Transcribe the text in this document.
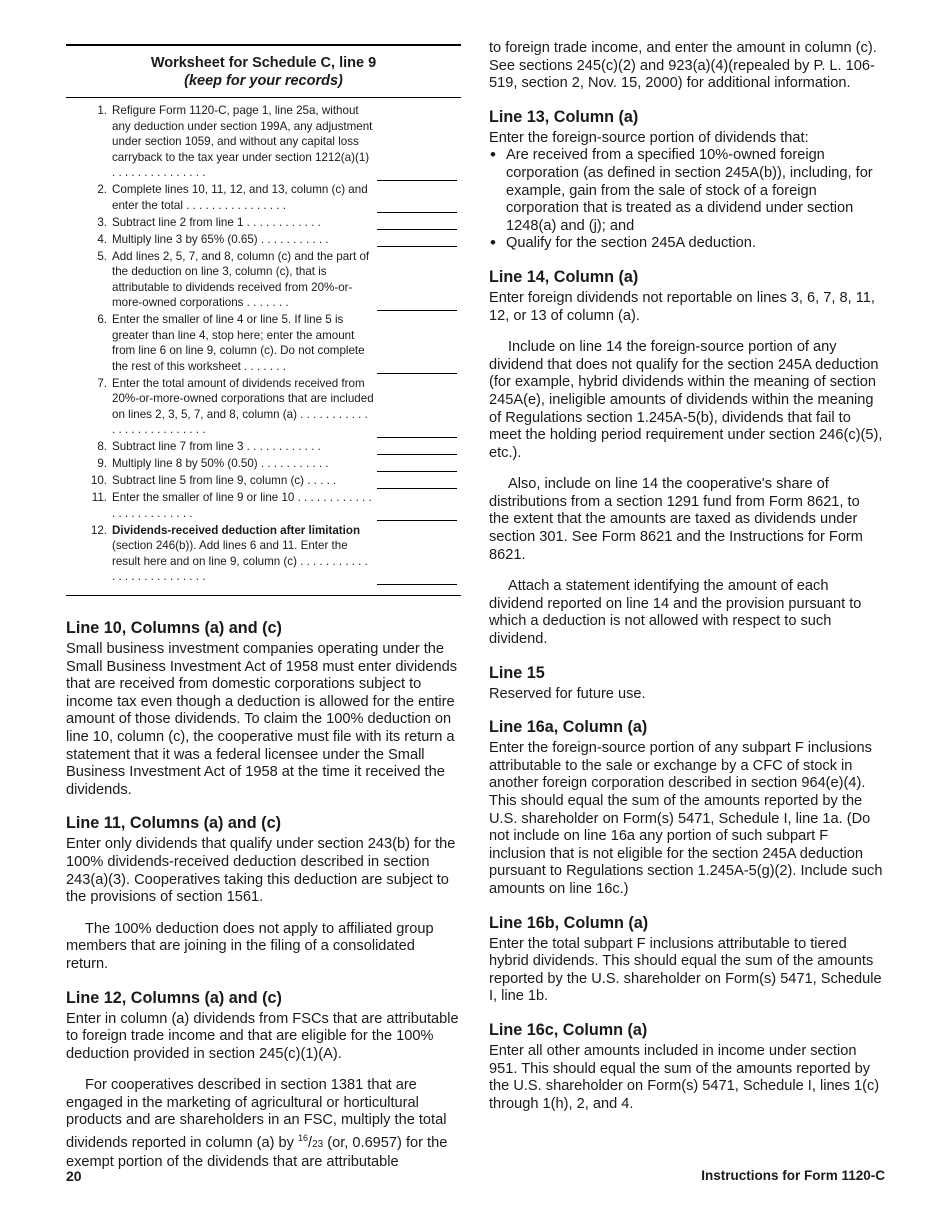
Worksheet for Schedule C, line 9
(keep for your records)
1. Refigure Form 1120-C, page 1, line 25a, without any deduction under section 199A, any adjustment under section 1059, and without any capital loss carryback to the tax year under section 1212(a)(1) . . . . . . . . . . . . . . .
2. Complete lines 10, 11, 12, and 13, column (c) and enter the total . . . . . . . . . . . . . . . .
3. Subtract line 2 from line 1 . . . . . . . . . . . .
4. Multiply line 3 by 65% (0.65) . . . . . . . . . . .
5. Add lines 2, 5, 7, and 8, column (c) and the part of the deduction on line 3, column (c), that is attributable to dividends received from 20%-or-more-owned corporations . . . . . . .
6. Enter the smaller of line 4 or line 5. If line 5 is greater than line 4, stop here; enter the amount from line 6 on line 9, column (c). Do not complete the rest of this worksheet . . . . . . .
7. Enter the total amount of dividends received from 20%-or-more-owned corporations that are included on lines 2, 3, 5, 7, and 8, column (a) . . . . . . . . . . . . . . . . . . . . . . . . . .
8. Subtract line 7 from line 3 . . . . . . . . . . . .
9. Multiply line 8 by 50% (0.50) . . . . . . . . . . .
10. Subtract line 5 from line 9, column (c) . . . . .
11. Enter the smaller of line 9 or line 10 . . . . . . . . . . . . . . . . . . . . . . . . .
12. Dividends-received deduction after limitation (section 246(b)). Add lines 6 and 11. Enter the result here and on line 9, column (c) . . . . . . . . . . . . . . . . . . . . . . . . . .
Line 10, Columns (a) and (c)

Small business investment companies operating under the Small Business Investment Act of 1958 must enter dividends that are received from domestic corporations subject to income tax even though a deduction is allowed for the entire amount of those dividends. To claim the 100% deduction on line 10, column (c), the cooperative must file with its return a statement that it was a federal licensee under the Small Business Investment Act of 1958 at the time it received the dividends.

Line 11, Columns (a) and (c)

Enter only dividends that qualify under section 243(b) for the 100% dividends-received deduction described in section 243(a)(3). Cooperatives taking this deduction are subject to the provisions of section 1561.

The 100% deduction does not apply to affiliated group members that are joining in the filing of a consolidated return.

Line 12, Columns (a) and (c)

Enter in column (a) dividends from FSCs that are attributable to foreign trade income and that are eligible for the 100% deduction provided in section 245(c)(1)(A).

For cooperatives described in section 1381 that are engaged in the marketing of agricultural or horticultural products and are shareholders in an FSC, multiply the total dividends reported in column (a) by $^{16}$/23 (or, 0.6957) for the exempt portion of the dividends that are attributable

to foreign trade income, and enter the amount in column (c). See sections 245(c)(2) and 923(a)(4)(repealed by P. L. 106-519, section 2, Nov. 15, 2000) for additional information.

Line 13, Column (a)

Enter the foreign-source portion of dividends that:

• Are received from a specified 10%-owned foreign corporation (as defined in section 245A(b)), including, for example, gain from the sale of stock of a foreign corporation that is treated as a dividend under section 1248(a) and (j); and
• Qualify for the section 245A deduction.
Line 14, Column (a)

Enter foreign dividends not reportable on lines 3, 6, 7, 8, 11, 12, or 13 of column (a).

Include on line 14 the foreign-source portion of any dividend that does not qualify for the section 245A deduction (for example, hybrid dividends within the meaning of section 245A(e), ineligible amounts of dividends within the meaning of Regulations section 1.245A-5(b), dividends that fail to meet the holding period requirement under section 246(c)(5), etc.).

Also, include on line 14 the cooperative's share of distributions from a section 1291 fund from Form 8621, to the extent that the amounts are taxed as dividends under section 301. See Form 8621 and the Instructions for Form 8621.

Attach a statement identifying the amount of each dividend reported on line 14 and the provision pursuant to which a deduction is not allowed with respect to such dividend.

Line 15

Reserved for future use.

Line 16a, Column (a)

Enter the foreign-source portion of any subpart F inclusions attributable to the sale or exchange by a CFC of stock in another foreign corporation described in section 964(e)(4). This should equal the sum of the amounts reported by the U.S. shareholder on Form(s) 5471, Schedule I, line 1a. (Do not include on line 16a any portion of such subpart F inclusion that is not eligible for the section 245A deduction pursuant to Regulations section 1.245A-5(g)(2). Include such amounts on line 16c.)

Line 16b, Column (a)

Enter the total subpart F inclusions attributable to tiered hybrid dividends. This should equal the sum of the amounts reported by the U.S. shareholder on Form(s) 5471, Schedule I, line 1b.

Line 16c, Column (a)

Enter all other amounts included in income under section 951. This should equal the sum of the amounts reported by the U.S. shareholder on Form(s) 5471, Schedule I, lines 1(c) through 1(h), 2, and 4.

20	Instructions for Form 1120-C
